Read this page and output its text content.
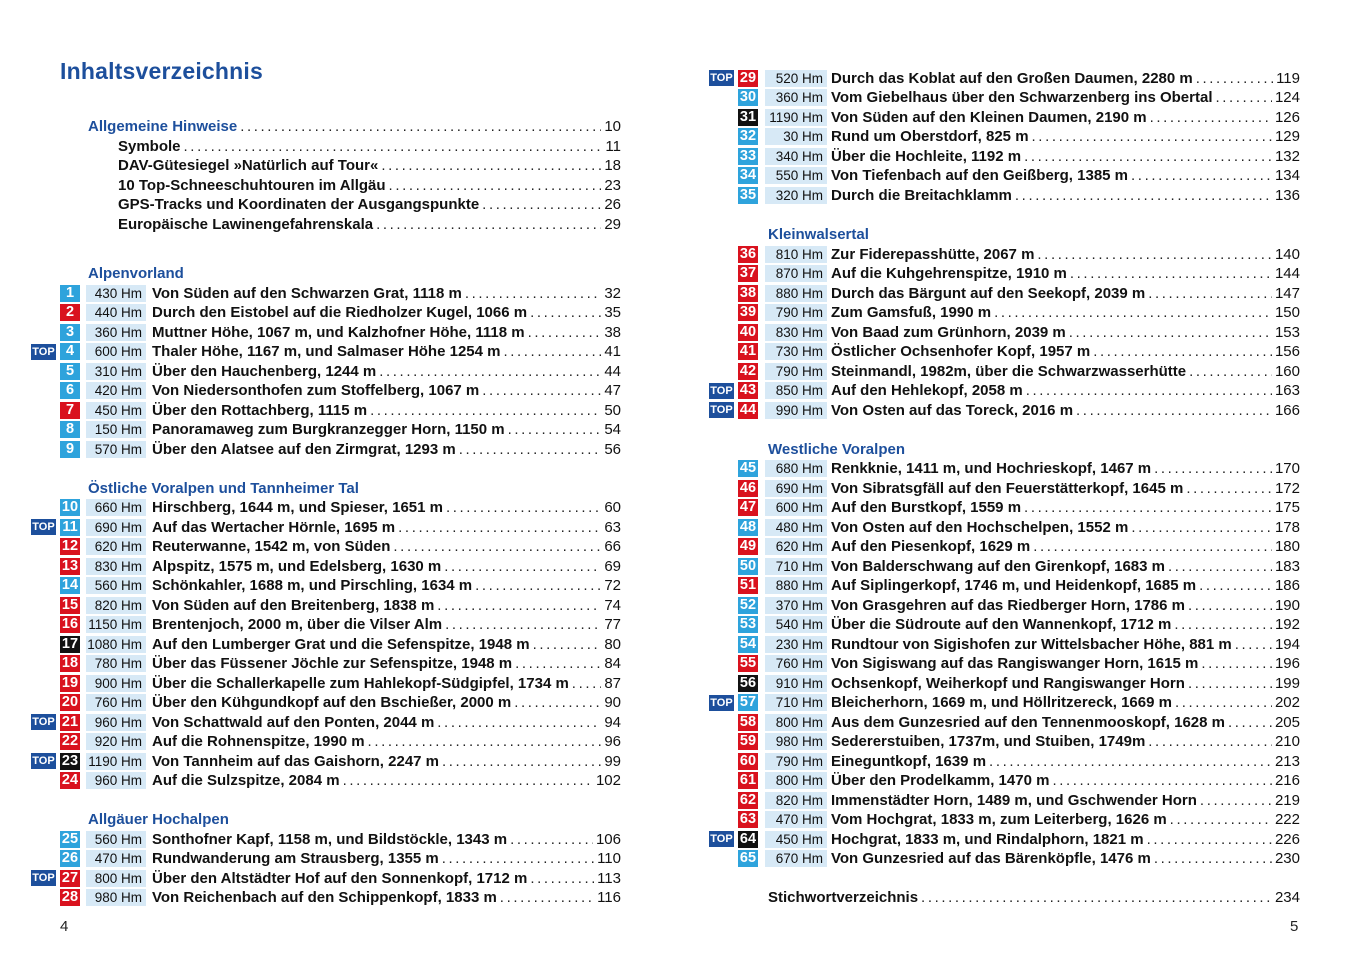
Inhaltsverzeichnis
4	5
Allgemeine Hinweise .....	10
Symbole .....	11
DAV-Gütesiegel »Natürlich auf Tour« .....	18
10 Top-Schneeschuhtouren im Allgäu .....	23
GPS-Tracks und Koordinaten der Ausgangspunkte .....	26
Europäische Lawinengefahrenskala .....	29
Alpenvorland
1	430 Hm Von Süden auf den Schwarzen Grat, 1118 m .....	32
2	440 Hm Durch den Eistobel auf die Riedholzer Kugel, 1066 m .....	35
3	360 Hm Muttner Höhe, 1067 m, und Kalzhofner Höhe, 1118 m .....	38
TOP 4	600 Hm Thaler Höhe, 1167 m, und Salmaser Höhe 1254 m .....	41
5	310 Hm Über den Hauchenberg, 1244 m .....	44
6	420 Hm Von Niedersonthofen zum Stoffelberg, 1067 m .....	47
7	450 Hm Über den Rottachberg, 1115 m .....	50
8	150 Hm Panoramaweg zum Burgkranzegger Horn, 1150 m .....	54
9	570 Hm Über den Alatsee auf den Zirmgrat, 1293 m .....	56
Östliche Voralpen und Tannheimer Tal
10	660 Hm Hirschberg, 1644 m, und Spieser, 1651 m .....	60
TOP 11	690 Hm Auf das Wertacher Hörnle, 1695 m .....	63
12	620 Hm Reuterwanne, 1542 m, von Süden .....	66
13	830 Hm Alpspitz, 1575 m, und Edelsberg, 1630 m .....	69
14	560 Hm Schönkahler, 1688 m, und Pirschling, 1634 m .....	72
15	820 Hm Von Süden auf den Breitenberg, 1838 m .....	74
16 1150 Hm Brentenjoch, 2000 m, über die Vilser Alm .....	77
17 1080 Hm Auf den Lumberger Grat und die Sefenspitze, 1948 m .....	80
18	780 Hm Über das Füssener Jöchle zur Sefenspitze, 1948 m .....	84
19	900 Hm Über die Schallerkapelle zum Hahlekopf-Südgipfel, 1734 m ..... 87
20	760 Hm Über den Kühgundkopf auf den Bschießer, 2000 m .....	90
TOP 21	960 Hm Von Schattwald auf den Ponten, 2044 m .....	94
22	920 Hm Auf die Rohnenspitze, 1990 m .....	96
TOP 23 1190 Hm Von Tannheim auf das Gaishorn, 2247 m .....	99
24	960 Hm Auf die Sulzspitze, 2084 m .....	102
Allgäuer Hochalpen
25	560 Hm Sonthofner Kapf, 1158 m, und Bildstöckle, 1343 m .....	106
26	470 Hm Rundwanderung am Strausberg, 1355 m .....	110
TOP 27	800 Hm Über den Altstädter Hof auf den Sonnenkopf, 1712 m .....	113
28	980 Hm Von Reichenbach auf den Schippenkopf, 1833 m .....	116
TOP 29	520 Hm Durch das Koblat auf den Großen Daumen, 2280 m .....	119
30	360 Hm Vom Giebelhaus über den Schwarzenberg ins Obertal .....	124
31 1190 Hm Von Süden auf den Kleinen Daumen, 2190 m .....	126
32	30 Hm Rund um Oberstdorf, 825 m .....	129
33	340 Hm Über die Hochleite, 1192 m .....	132
34	550 Hm Von Tiefenbach auf den Geißberg, 1385 m .....	134
35	320 Hm Durch die Breitachklamm .....	136
Kleinwalsertal
36	810 Hm Zur Fiderepasshütte, 2067 m .....	140
37	870 Hm Auf die Kuhgehrenspitze, 1910 m .....	144
38	880 Hm Durch das Bärgunt auf den Seekopf, 2039 m .....	147
39	790 Hm Zum Gamsfuß, 1990 m .....	150
40	830 Hm Von Baad zum Grünhorn, 2039 m .....	153
41	730 Hm Östlicher Ochsenhofer Kopf, 1957 m .....	156
42	790 Hm Steinmandl, 1982m, über die Schwarzwasserhütte .....	160
TOP 43	850 Hm Auf den Hehlekopf, 2058 m .....	163
TOP 44	990 Hm Von Osten auf das Toreck, 2016 m .....	166
Westliche Voralpen
45	680 Hm Renkknie, 1411 m, und Hochrieskopf, 1467 m .....	170
46	690 Hm Von Sibratsgfäll auf den Feuerstätterkopf, 1645 m .....	172
47	600 Hm Auf den Burstkopf, 1559 m .....	175
48	480 Hm Von Osten auf den Hochschelpen, 1552 m .....	178
49	620 Hm Auf den Piesenkopf, 1629 m .....	180
50	710 Hm Von Balderschwang auf den Girenkopf, 1683 m .....	183
51	880 Hm Auf Siplingerkopf, 1746 m, und Heidenkopf, 1685 m .....	186
52	370 Hm Von Grasgehren auf das Riedberger Horn, 1786 m .....	190
53	540 Hm Über die Südroute auf den Wannenkopf, 1712 m .....	192
54	230 Hm Rundtour von Sigishofen zur Wittelsbacher Höhe, 881 m .....	194
55	760 Hm Von Sigiswang auf das Rangiswanger Horn, 1615 m .....	196
56	910 Hm Ochsenkopf, Weiherkopf und Rangiswanger Horn .....	199
TOP 57	710 Hm Bleicherhorn, 1669 m, und Höllritzereck, 1669 m .....	202
58	800 Hm Aus dem Gunzesried auf den Tennenmooskopf, 1628 m .....	205
59	980 Hm Sedererstuiben, 1737m, und Stuiben, 1749m .....	210
60	790 Hm Eineguntkopf, 1639 m .....	213
61	800 Hm Über den Prodelkamm, 1470 m .....	216
62	820 Hm Immenstädter Horn, 1489 m, und Gschwender Horn .....	219
63	470 Hm Vom Hochgrat, 1833 m, zum Leiterberg, 1626 m .....	222
TOP 64	450 Hm Hochgrat, 1833 m, und Rindalphorn, 1821 m .....	226
65	670 Hm Von Gunzesried auf das Bärenköpfle, 1476 m .....	230
Stichwortverzeichnis .....	234
